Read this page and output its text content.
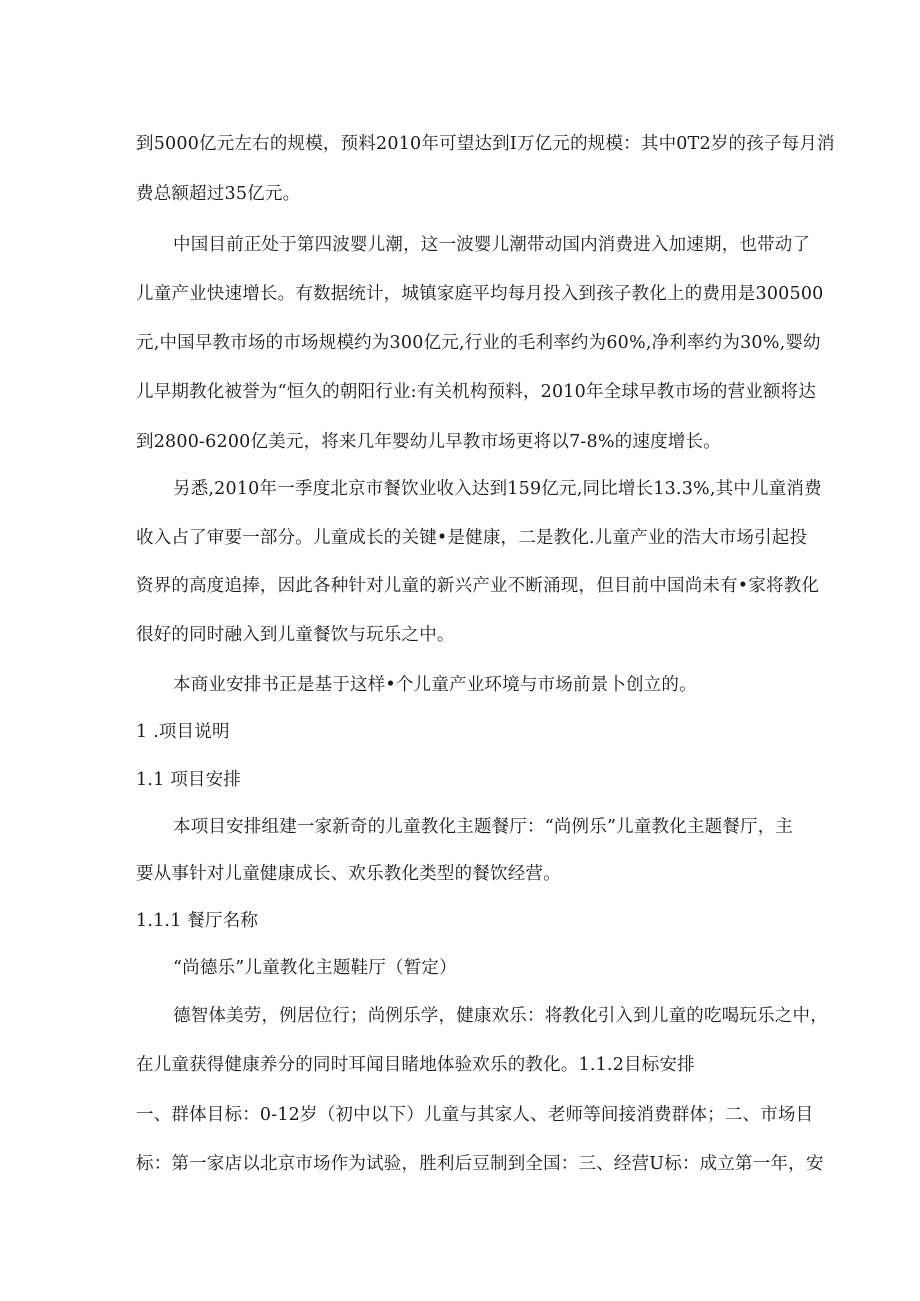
到5000亿元左右的规模，预料2010年可望达到I万亿元的规模：其中0T2岁的孩子每月消
费总额超过35亿元。
中国目前正处于第四波婴儿潮，这一波婴儿潮带动国内消费进入加速期，也带动了
儿童产业快速增长。有数据统计，城镇家庭平均每月投入到孩子教化上的费用是300500
元,中国早教市场的市场规模约为300亿元,行业的毛利率约为60%,净利率约为30%,婴幼
儿早期教化被誉为“恒久的朝阳行业:有关机构预料，2010年全球早教市场的营业额将达
到2800-6200亿美元，将来几年婴幼儿早教市场更将以7-8%的速度增长。
另悉,2010年一季度北京市餐饮业收入达到159亿元,同比增长13.3%,其中儿童消费
收入占了审要一部分。儿童成长的关键•是健康，二是教化.儿童产业的浩大市场引起投
资界的高度追捧，因此各种针对儿童的新兴产业不断涌现，但目前中国尚未有•家将教化
很好的同时融入到儿童餐饮与玩乐之中。
本商业安排书正是基于这样•个儿童产业环境与市场前景卜创立的。
1 .项目说明
1.1 项目安排
本项目安排组建一家新奇的儿童教化主题餐厅：“尚例乐”儿童教化主题餐厅，主
要从事针对儿童健康成长、欢乐教化类型的餐饮经营。
1.1.1 餐厅名称
“尚德乐”儿童教化主题鞋厅（暂定）
德智体美劳，例居位行；尚例乐学，健康欢乐：将教化引入到儿童的吃喝玩乐之中，
在儿童获得健康养分的同时耳闻目睹地体验欢乐的教化。1.1.2目标安排
一、群体目标：0-12岁（初中以下）儿童与其家人、老师等间接消费群体；二、市场目
标：第一家店以北京市场作为试验，胜利后豆制到全国：三、经营U标：成立第一年，安
